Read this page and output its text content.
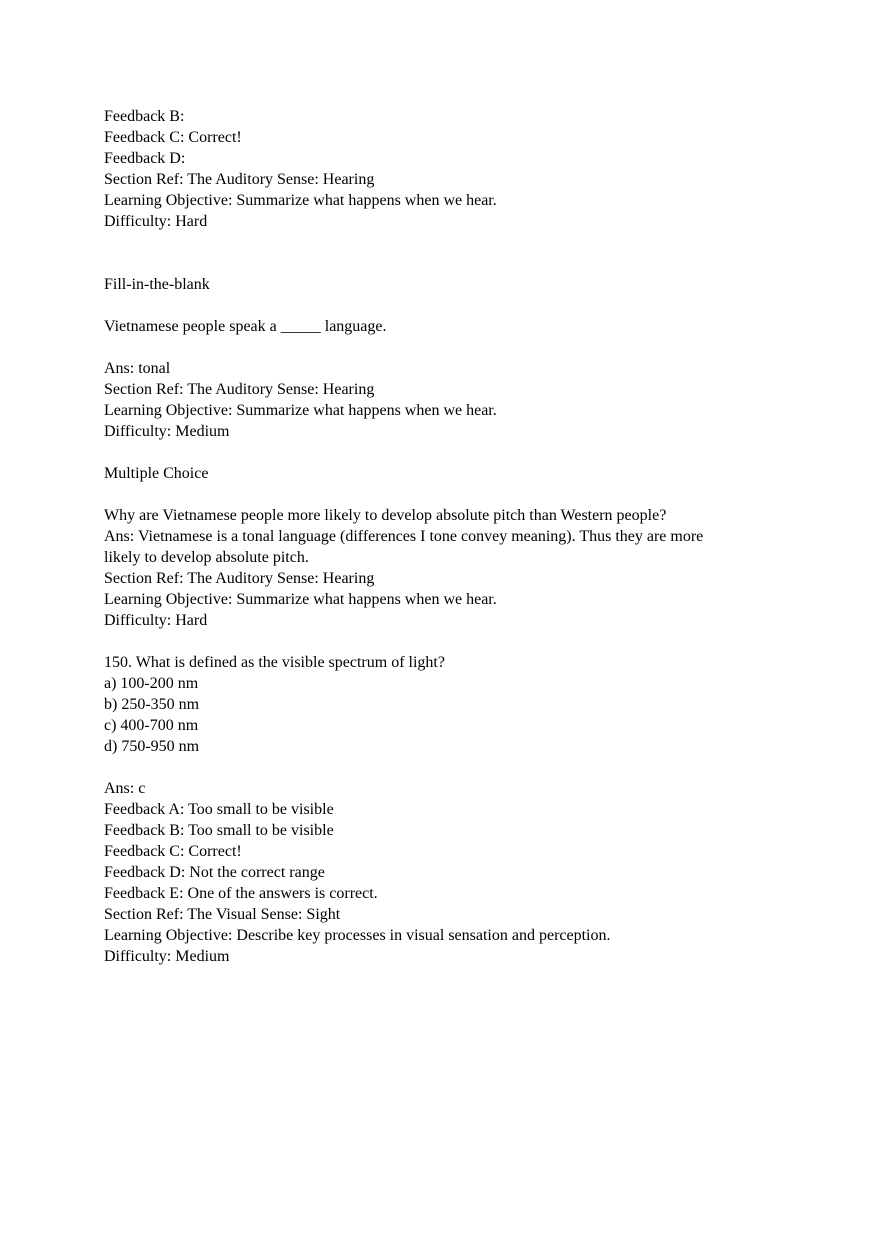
Feedback B:
Feedback C: Correct!
Feedback D:
Section Ref: The Auditory Sense: Hearing
Learning Objective: Summarize what happens when we hear.
Difficulty: Hard
Fill-in-the-blank
Vietnamese people speak a _____ language.
Ans: tonal
Section Ref: The Auditory Sense: Hearing
Learning Objective: Summarize what happens when we hear.
Difficulty: Medium
Multiple Choice
Why are Vietnamese people more likely to develop absolute pitch than Western people?
Ans: Vietnamese is a tonal language (differences I tone convey meaning). Thus they are more
likely to develop absolute pitch.
Section Ref: The Auditory Sense: Hearing
Learning Objective: Summarize what happens when we hear.
Difficulty: Hard
150. What is defined as the visible spectrum of light?
a) 100-200 nm
b) 250-350 nm
c) 400-700 nm
d) 750-950 nm
Ans: c
Feedback A: Too small to be visible
Feedback B: Too small to be visible
Feedback C: Correct!
Feedback D: Not the correct range
Feedback E: One of the answers is correct.
Section Ref: The Visual Sense: Sight
Learning Objective: Describe key processes in visual sensation and perception.
Difficulty: Medium
